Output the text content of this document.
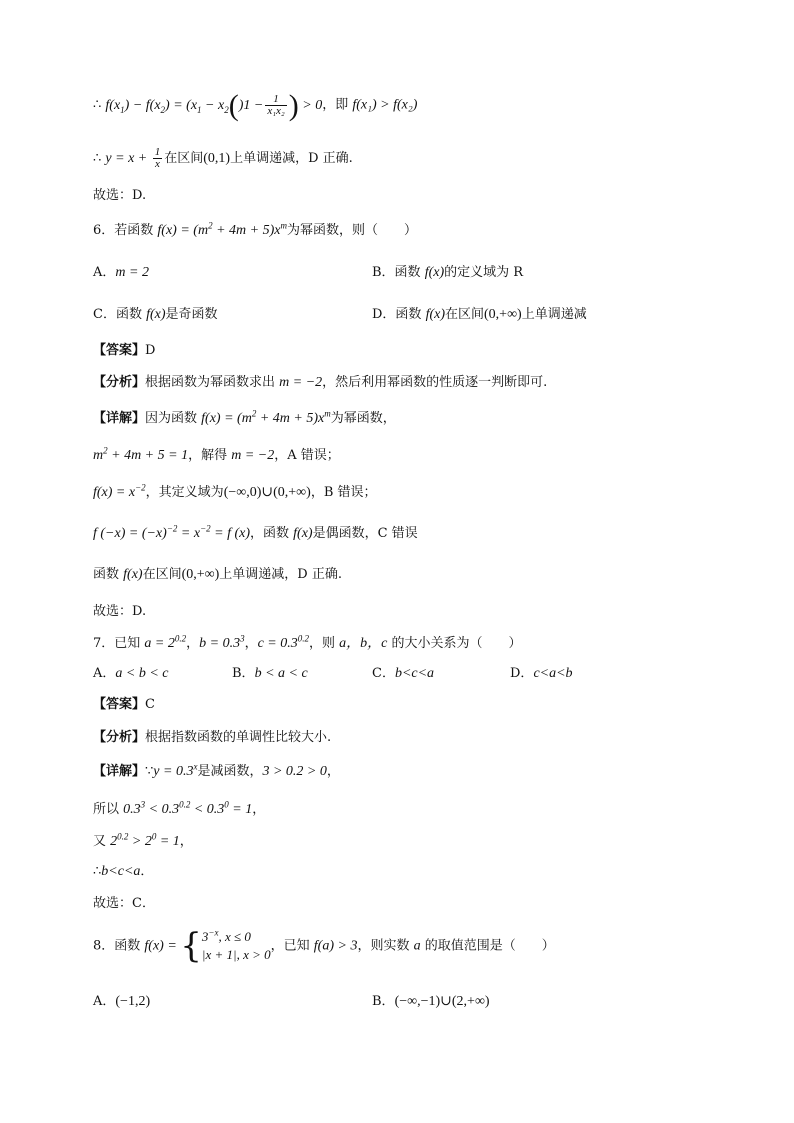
∴ $f(x_1) - f(x_2) = (x_1 - x_2()1 - \frac{1}{\text{x₁x₂}}$ ) > 0，即 f(x₁) > f(x₂)
∴ $y = x + \frac{1}{x}$ 在区间(0,1)上单调递减，D 正确.
故选：D.
6．若函数 $f(x) = (m^2 + 4m + 5)x^m$为幂函数，则（　　）
A．m = 2	B．函数 f(x)的定义域为 R
C．函数 f(x)是奇函数	D．函数 f(x)在区间(0,+∞)上单调递减
【答案】D
【分析】根据函数为幂函数求出 m = −2，然后利用幂函数的性质逐一判断即可.
【详解】因为函数 $f(x) = (m^2 + 4m + 5)x^m$为幂函数，
$m^2 + 4m + 5 = 1$，解得 m = −2，A 错误；
$f(x) = x^{-2}$，其定义域为(−∞,0)∪(0,+∞)，B 错误；
f $(-x) = (-x)^{-2} = x^{-2} = f$ (x)，函数 f(x)是偶函数，C 错误
函数 f(x)在区间(0,+∞)上单调递减，D 正确.
故选：D.
7．已知 $a = 2^{0.2}$，$b = 0.3^3$，$c = 0.3^{0.2}$，则 a，b，c 的大小关系为（　　）
A．a < b < c	B．b < a < c	C．b<c<a	D．c<a<b
【答案】C
【分析】根据指数函数的单调性比较大小.
【详解】∵y = $0.3^x$是减函数，3 > 0.2 > 0，
所以 $0.3^3 < 0.3^{0.2} < 0.3^0 = 1$，
又 $2^{0.2} > 2^0 = 1$，
∴b<c<a．
故选：C．
8．函数 f(x) = { $3^{-x}$, x ≤ 0
|x + 1|, x > 0
，已知 f(a) > 3，则实数 a 的取值范围是（　　）
A．(−1,2)	B．(−∞,−1)∪(2,+∞)
